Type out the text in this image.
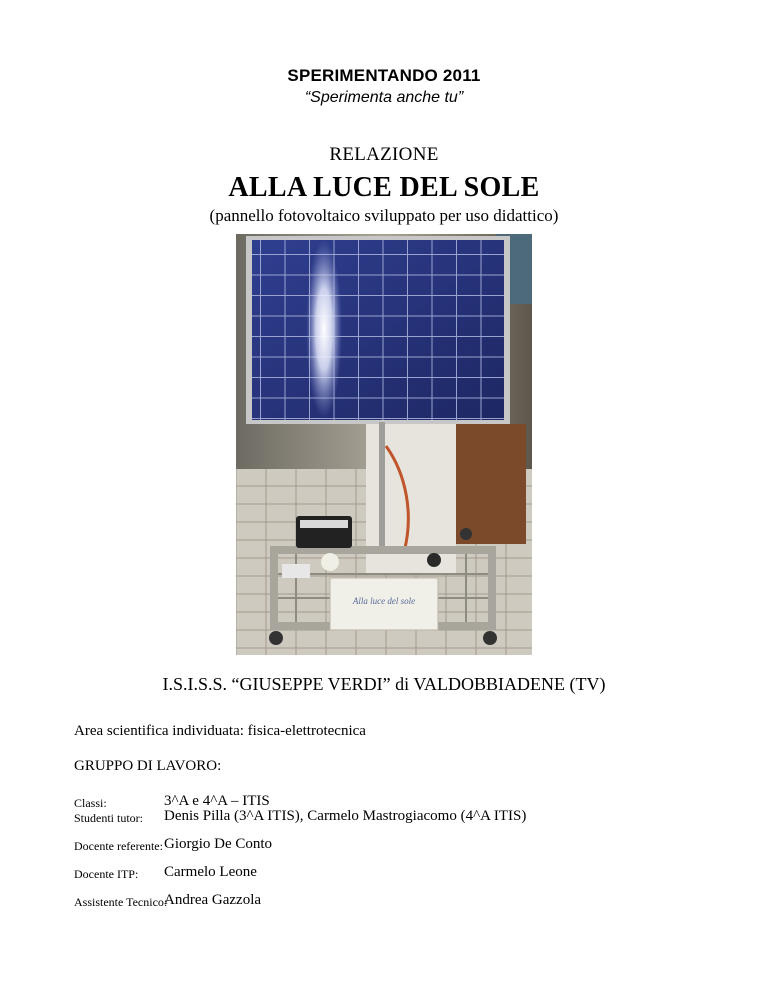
SPERIMENTANDO 2011
“Sperimenta anche tu”
RELAZIONE
ALLA LUCE DEL SOLE
(pannello fotovoltaico sviluppato per uso didattico)
Alla luce del sole
I.S.I.S.S. “GIUSEPPE VERDI” di VALDOBBIADENE (TV)
Area scientifica individuata: fisica-elettrotecnica
GRUPPO DI LAVORO:
Classi:	3^A e 4^A – ITIS
Studenti tutor: Denis Pilla (3^A ITIS), Carmelo Mastrogiacomo (4^A ITIS)
Docente referente: Giorgio De Conto
Docente ITP: Carmelo Leone
Assistente Tecnico:
Andrea Gazzola
